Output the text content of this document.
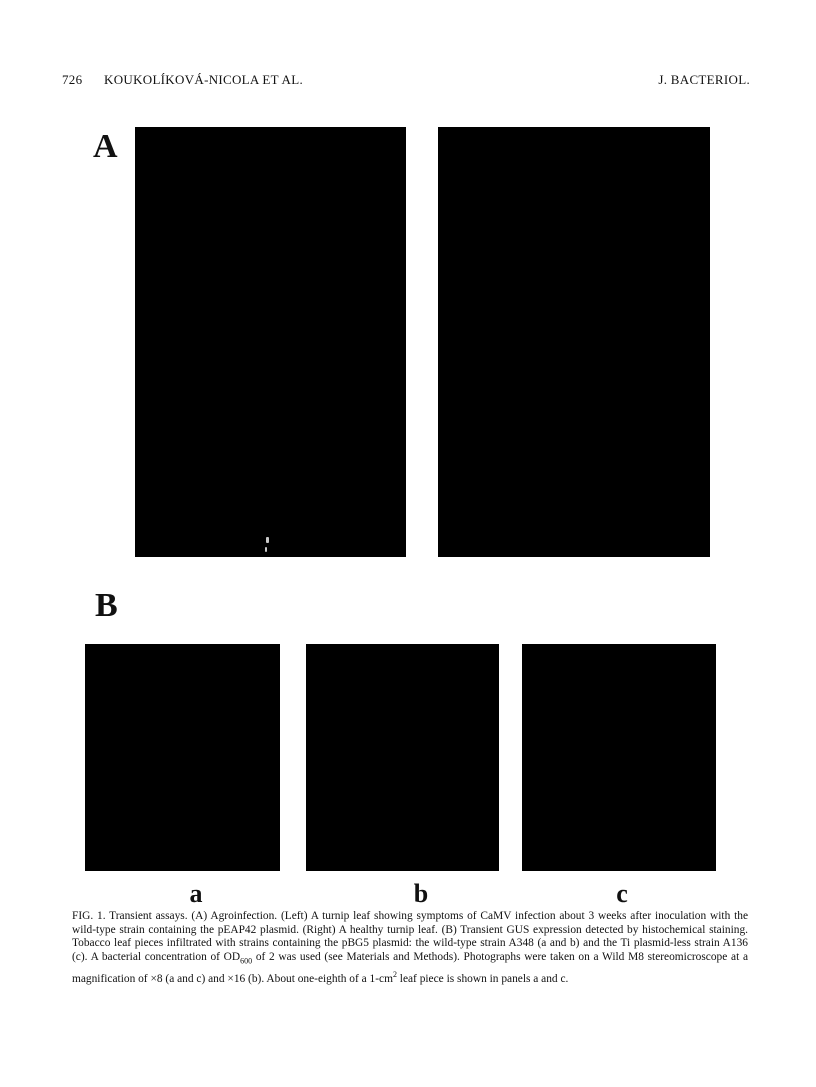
726 KOUKOLÍKOVÁ-NICOLA ET AL.	J. BACTERIOL.
A
B
a	b	c
FIG. 1. Transient assays. (A) Agroinfection. (Left) A turnip leaf showing symptoms of CaMV infection about 3 weeks after inoculation with the wild-type strain containing the pEAP42 plasmid. (Right) A healthy turnip leaf. (B) Transient GUS expression detected by histochemical staining. Tobacco leaf pieces infiltrated with strains containing the pBG5 plasmid: the wild-type strain A348 (a and b) and the Ti plasmid-less strain A136 (c). A bacterial concentration of $OD_{600}$ of 2 was used (see Materials and Methods). Photographs were taken on a Wild M8 stereomicroscope at a magnification of ×8 (a and c) and ×16 (b). About one-eighth of a $1-cm^2$ leaf piece is shown in panels a and c.
